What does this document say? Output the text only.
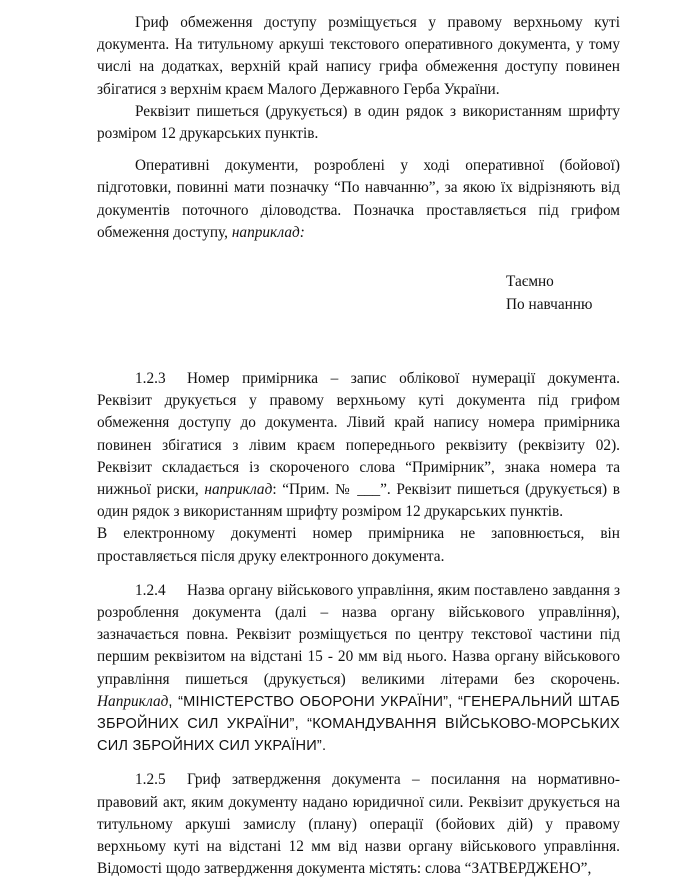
Гриф обмеження доступу розміщується у правому верхньому куті документа. На титульному аркуші текстового оперативного документа, у тому числі на додатках, верхній край напису грифа обмеження доступу повинен збігатися з верхнім краєм Малого Державного Герба України.

Реквізит пишеться (друкується) в один рядок з використанням шрифту розміром 12 друкарських пунктів.

Оперативні документи, розроблені у ході оперативної (бойової) підготовки, повинні мати позначку “По навчанню”, за якою їх відрізняють від документів поточного діловодства. Позначка проставляється під грифом обмеження доступу, наприклад:

Таємно
По навчанню

1.2.3 Номер примірника – запис облікової нумерації документа. Реквізит друкується у правому верхньому куті документа під грифом обмеження доступу до документа. Лівий край напису номера примірника повинен збігатися з лівим краєм попереднього реквізиту (реквізиту 02). Реквізит складається із скороченого слова “Примірник”, знака номера та нижньої риски, наприклад: “Прим. № ___”. Реквізит пишеться (друкується) в один рядок з використанням шрифту розміром 12 друкарських пунктів.

В електронному документі номер примірника не заповнюється, він проставляється після друку електронного документа.

1.2.4 Назва органу військового управління, яким поставлено завдання з розроблення документа (далі – назва органу військового управління), зазначається повна. Реквізит розміщується по центру текстової частини під першим реквізитом на відстані 15 - 20 мм від нього. Назва органу військового управління пишеться (друкується) великими літерами без скорочень. Наприклад, “МІНІСТЕРСТВО ОБОРОНИ УКРАЇНИ”, “ГЕНЕРАЛЬНИЙ ШТАБ ЗБРОЙНИХ СИЛ УКРАЇНИ”, “КОМАНДУВАННЯ ВІЙСЬКОВО-МОРСЬКИХ СИЛ ЗБРОЙНИХ СИЛ УКРАЇНИ”.

1.2.5 Гриф затвердження документа – посилання на нормативно-правовий акт, яким документу надано юридичної сили. Реквізит друкується на титульному аркуші замислу (плану) операції (бойових дій) у правому верхньому куті на відстані 12 мм від назви органу військового управління. Відомості щодо затвердження документа містять: слова “ЗАТВЕРДЖЕНО”,
